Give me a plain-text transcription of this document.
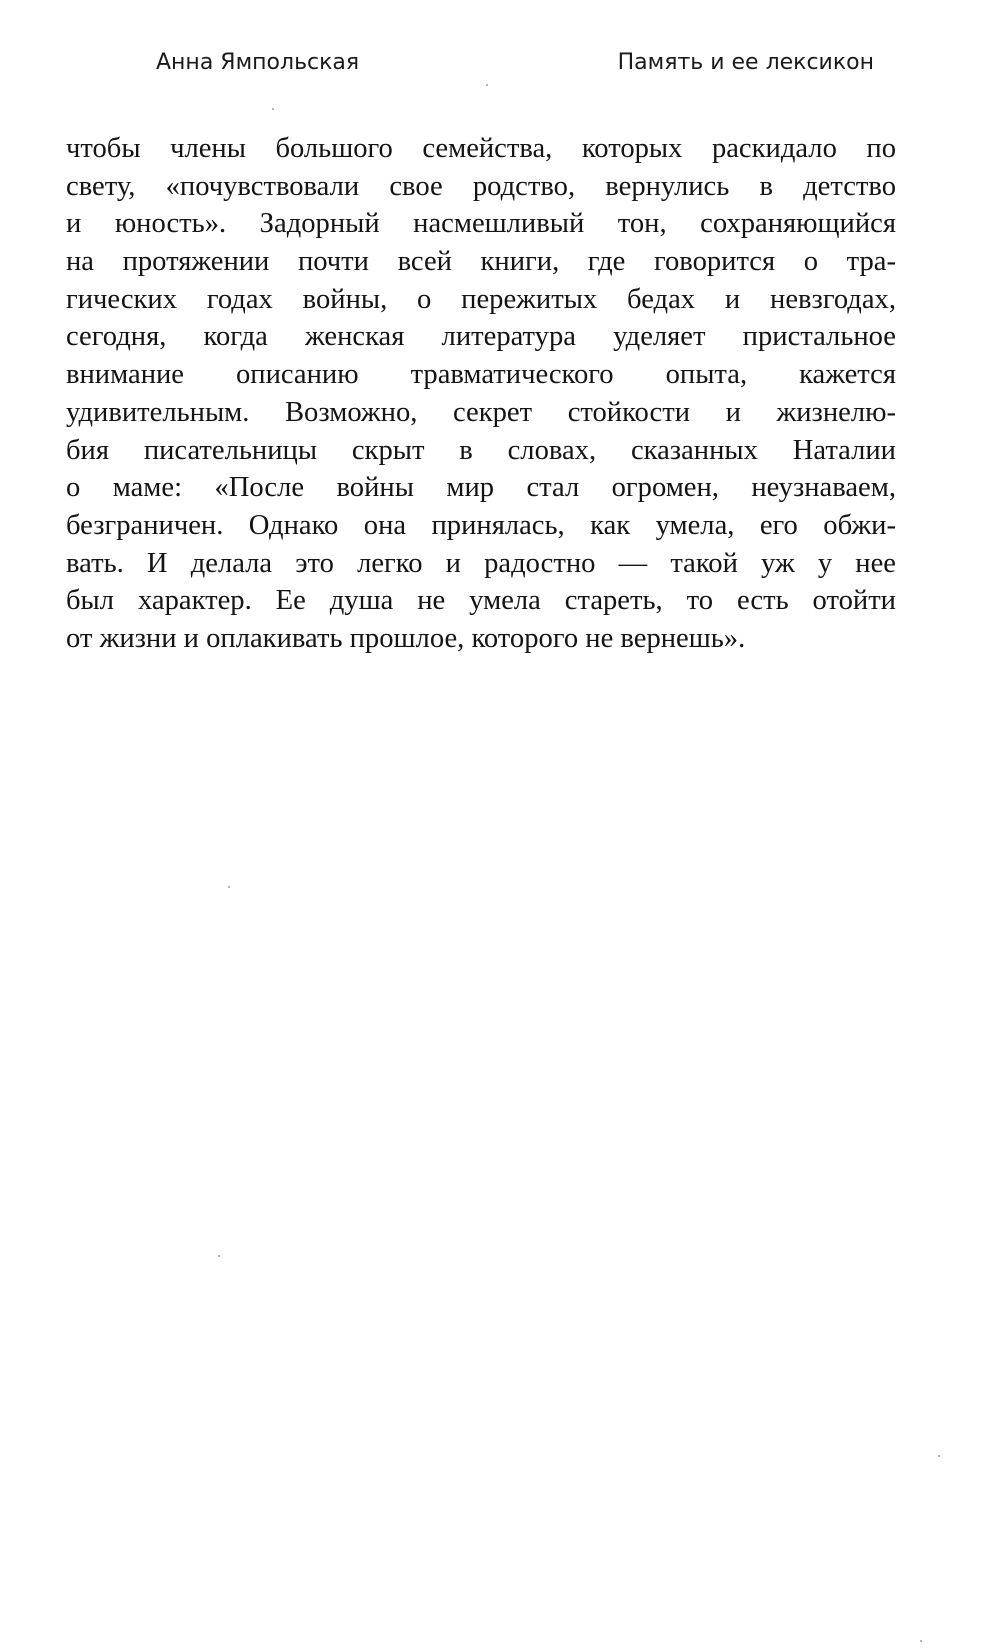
Анна Ямпольская	Память и ее лексикон
чтобы члены большого семейства, которых раскидало по
свету, «почувствовали свое родство, вернулись в детство
и юность». Задорный насмешливый тон, сохраняющийся
на протяжении почти всей книги, где говорится о тра-
гических годах войны, о пережитых бедах и невзгодах,
сегодня, когда женская литература уделяет пристальное
внимание описанию травматического опыта, кажется
удивительным. Возможно, секрет стойкости и жизнелю-
бия писательницы скрыт в словах, сказанных Наталии
о маме: «После войны мир стал огромен, неузнаваем,
безграничен. Однако она принялась, как умела, его обжи-
вать. И делала это легко и радостно — такой уж у нее
был характер. Ее душа не умела стареть, то есть отойти
от жизни и оплакивать прошлое, которого не вернешь».
